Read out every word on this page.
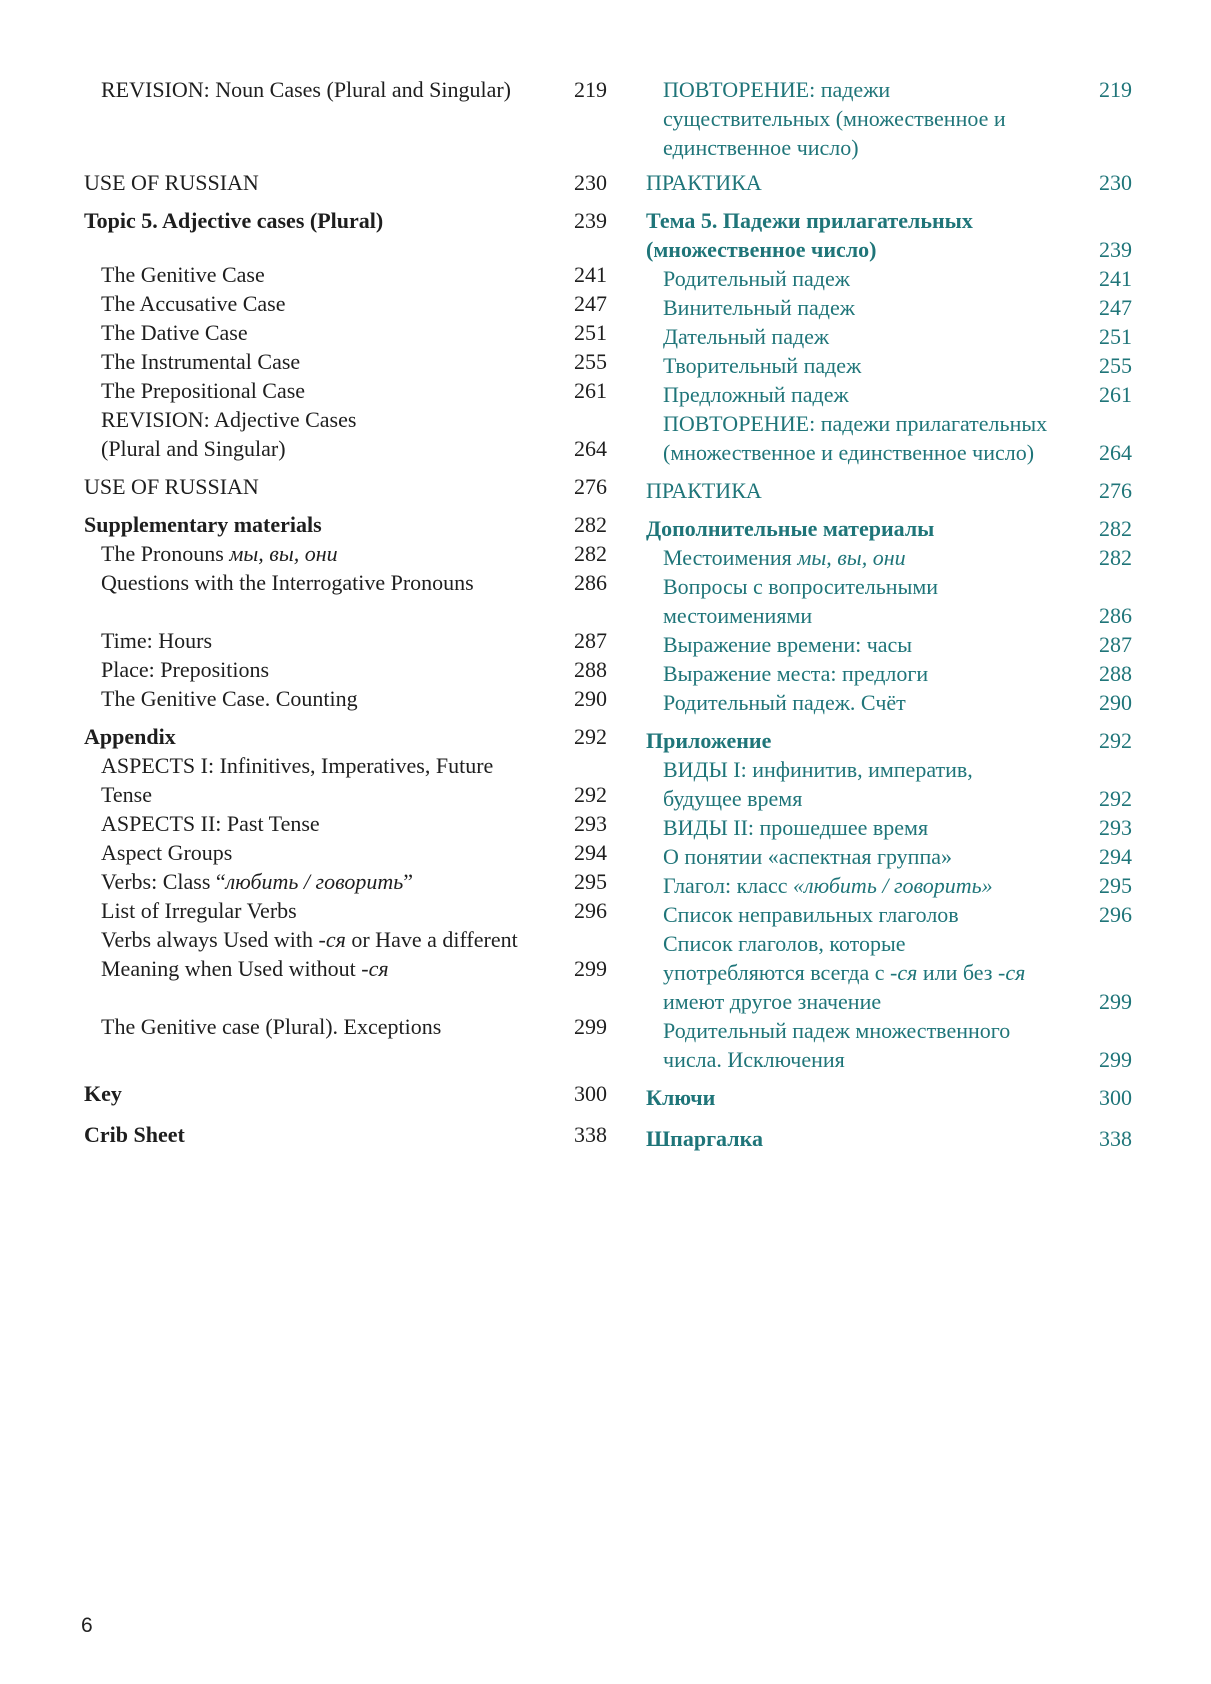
REVISION: Noun Cases (Plural and Singular)	219
USE OF RUSSIAN	230
Topic 5. Adjective cases (Plural)	239
The Genitive Case	241
The Accusative Case	247
The Dative Case	251
The Instrumental Case	255
The Prepositional Case	261
REVISION: Adjective Cases
(Plural and Singular)	264
USE OF RUSSIAN	276
Supplementary materials	282
The Pronouns мы, вы, они	282
Questions with the Interrogative Pronouns	286
Time: Hours	287
Place: Prepositions	288
The Genitive Case. Counting	290
Appendix	292
ASPECTS I: Infinitives, Imperatives, Future
Tense	292
ASPECTS II: Past Tense	293
Aspect Groups	294
Verbs: Class “любить / говорить”	295
List of Irregular Verbs	296
Verbs always Used with -ся or Have a different
Meaning when Used without -ся	299
The Genitive case (Plural). Exceptions	299
Key	300
Crib Sheet	338
ПОВТОРЕНИЕ: падежи	219
существительных (множественное и
единственное число)
ПРАКТИКА	230
Тема 5. Падежи прилагательных
(множественное число)	239
Родительный падеж	241
Винительный падеж	247
Дательный падеж	251
Творительный падеж	255
Предложный падеж	261
ПОВТОРЕНИЕ: падежи прилагательных
(множественное и единственное число)	264
ПРАКТИКА	276
Дополнительные материалы	282
Местоимения мы, вы, они	282
Вопросы с вопросительными
местоимениями	286
Выражение времени: часы	287
Выражение места: предлоги	288
Родительный падеж. Счёт	290
Приложение	292
ВИДЫ I: инфинитив, императив,
будущее время	292
ВИДЫ II: прошедшее время	293
О понятии «аспектная группа»	294
Глагол: класс «любить / говорить»	295
Список неправильных глаголов	296
Список глаголов, которые
употребляются всегда с -ся или без -ся
имеют другое значение	299
Родительный падеж множественного
числа. Исключения	299
Ключи	300
Шпаргалка	338
6
